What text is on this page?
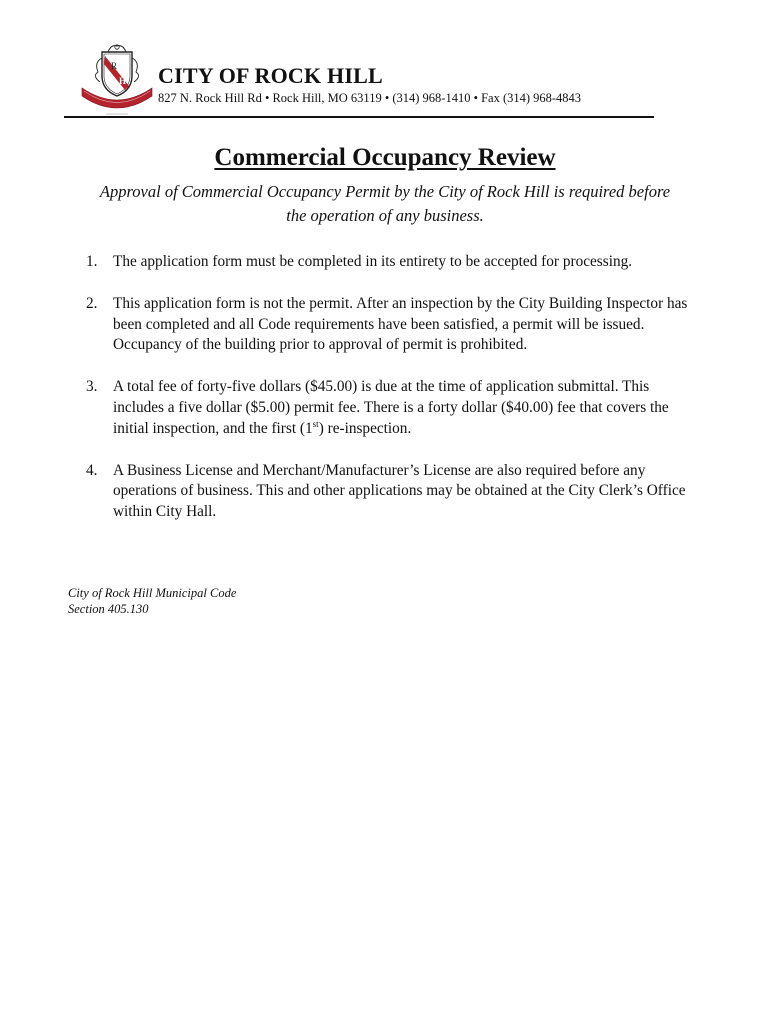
R
H CITY OF ROCK HILL

827 N. Rock Hill Rd • Rock Hill, MO 63119 • (314) 968-1410 • Fax (314) 968-4843

Commercial Occupancy Review

Approval of Commercial Occupancy Permit by the City of Rock Hill is required before the operation of any business.

1. The application form must be completed in its entirety to be accepted for processing.
2. This application form is not the permit. After an inspection by the City Building Inspector has been completed and all Code requirements have been satisfied, a permit will be issued. Occupancy of the building prior to approval of permit is prohibited.
3. A total fee of forty-five dollars ($45.00) is due at the time of application submittal. This includes a five dollar ($5.00) permit fee. There is a forty dollar ($40.00) fee that covers the initial inspection, and the first (1st) re-inspection.
4. A Business License and Merchant/Manufacturer’s License are also required before any operations of business. This and other applications may be obtained at the City Clerk’s Office within City Hall.
City of Rock Hill Municipal Code
Section 405.130
